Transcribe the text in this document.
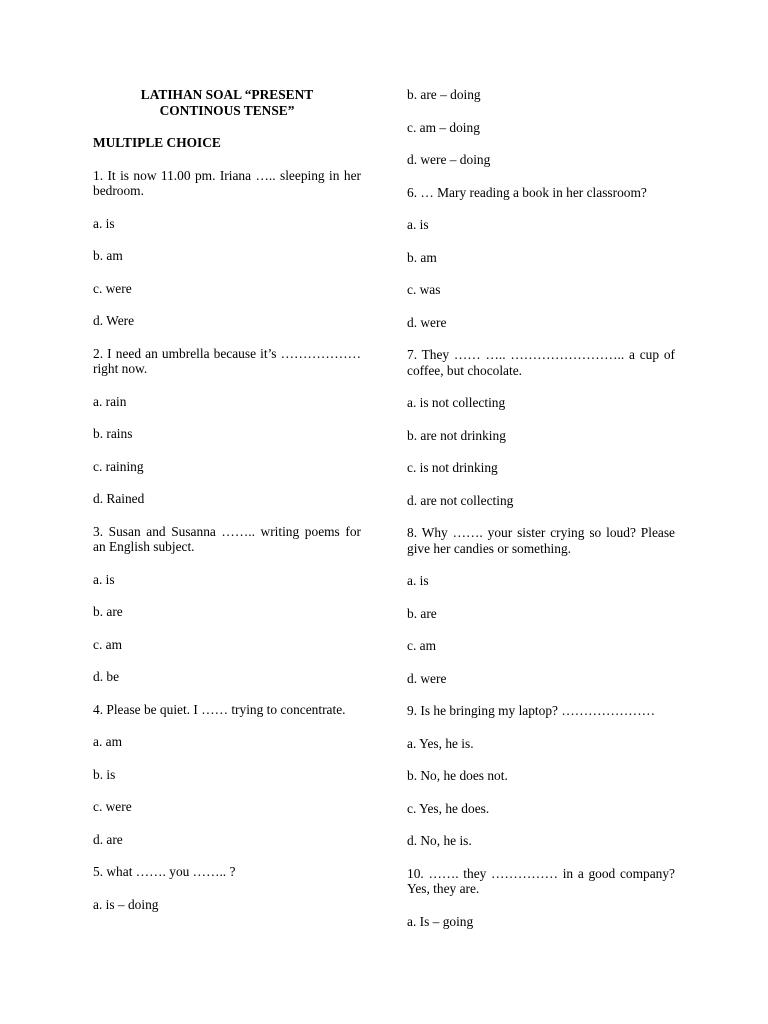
LATIHAN SOAL “PRESENT
CONTINOUS TENSE”
MULTIPLE CHOICE
1. It is now 11.00 pm. Iriana ….. sleeping in her bedroom.
a. is
b. am
c. were
d. Were
2. I need an umbrella because it’s ……………… right now.
a. rain
b. rains
c. raining
d. Rained
3. Susan and Susanna …….. writing poems for an English subject.
a. is
b. are
c. am
d. be
4. Please be quiet. I …… trying to concentrate.
a. am
b. is
c. were
d. are
5. what ……. you …….. ?
a. is – doing
b. are – doing
c. am – doing
d. were – doing
6. … Mary reading a book in her classroom?
a. is
b. am
c. was
d. were
7. They …… ….. …………………….. a cup of coffee, but chocolate.
a. is not collecting
b. are not drinking
c. is not drinking
d. are not collecting
8. Why ……. your sister crying so loud? Please give her candies or something.
a. is
b. are
c. am
d. were
9. Is he bringing my laptop? …………………
a. Yes, he is.
b. No, he does not.
c. Yes, he does.
d. No, he is.
10. ……. they …………… in a good company? Yes, they are.
a. Is – going
